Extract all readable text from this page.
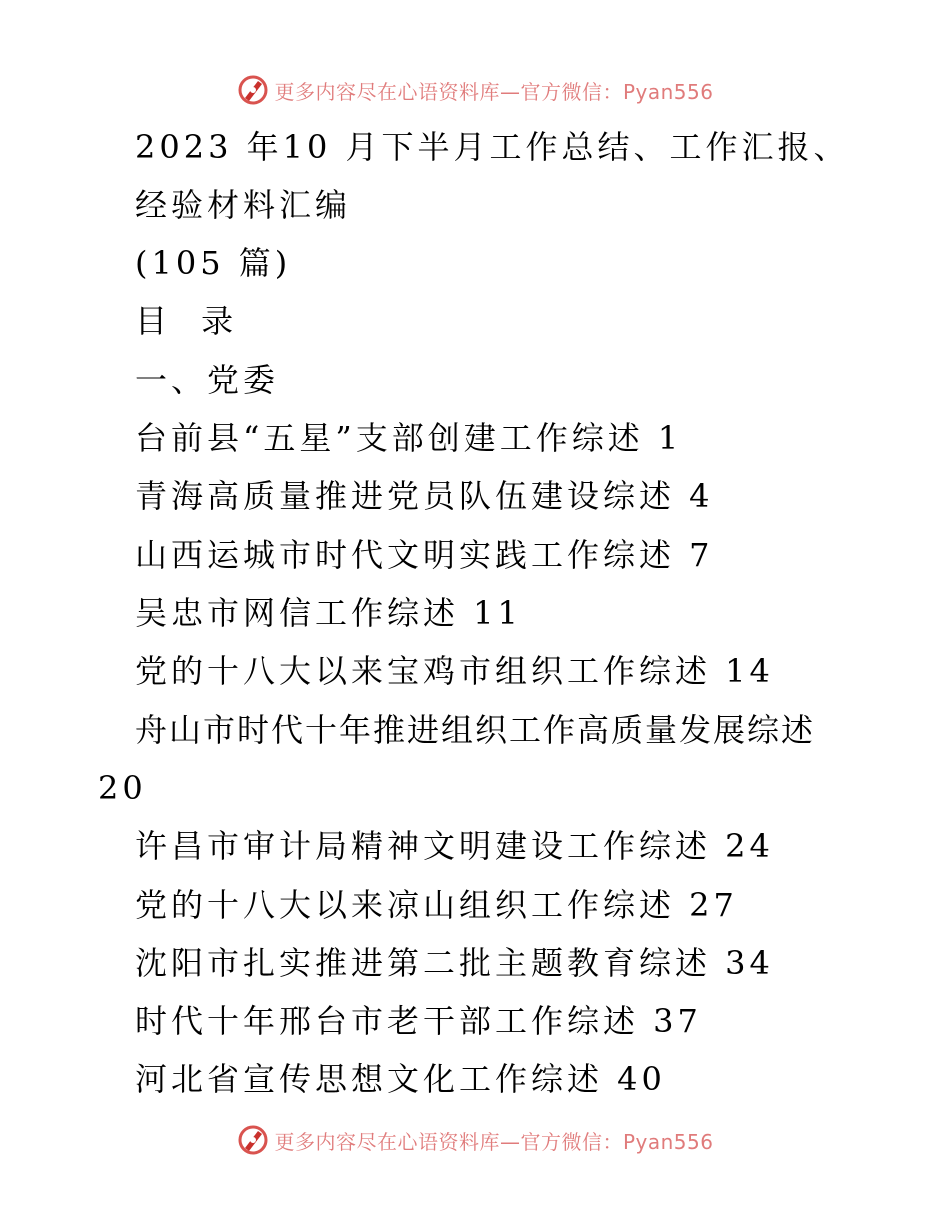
更多内容尽在心语资料库—官方微信：Pyan556
2023 年10 月下半月工作总结、工作汇报、
经验材料汇编
(105 篇)
目 录
一、党委
台前县“五星”支部创建工作综述 1
青海高质量推进党员队伍建设综述 4
山西运城市时代文明实践工作综述 7
吴忠市网信工作综述 11
党的十八大以来宝鸡市组织工作综述 14
舟山市时代十年推进组织工作高质量发展综述
20
许昌市审计局精神文明建设工作综述 24
党的十八大以来凉山组织工作综述 27
沈阳市扎实推进第二批主题教育综述 34
时代十年邢台市老干部工作综述 37
河北省宣传思想文化工作综述 40
更多内容尽在心语资料库—官方微信：Pyan556
